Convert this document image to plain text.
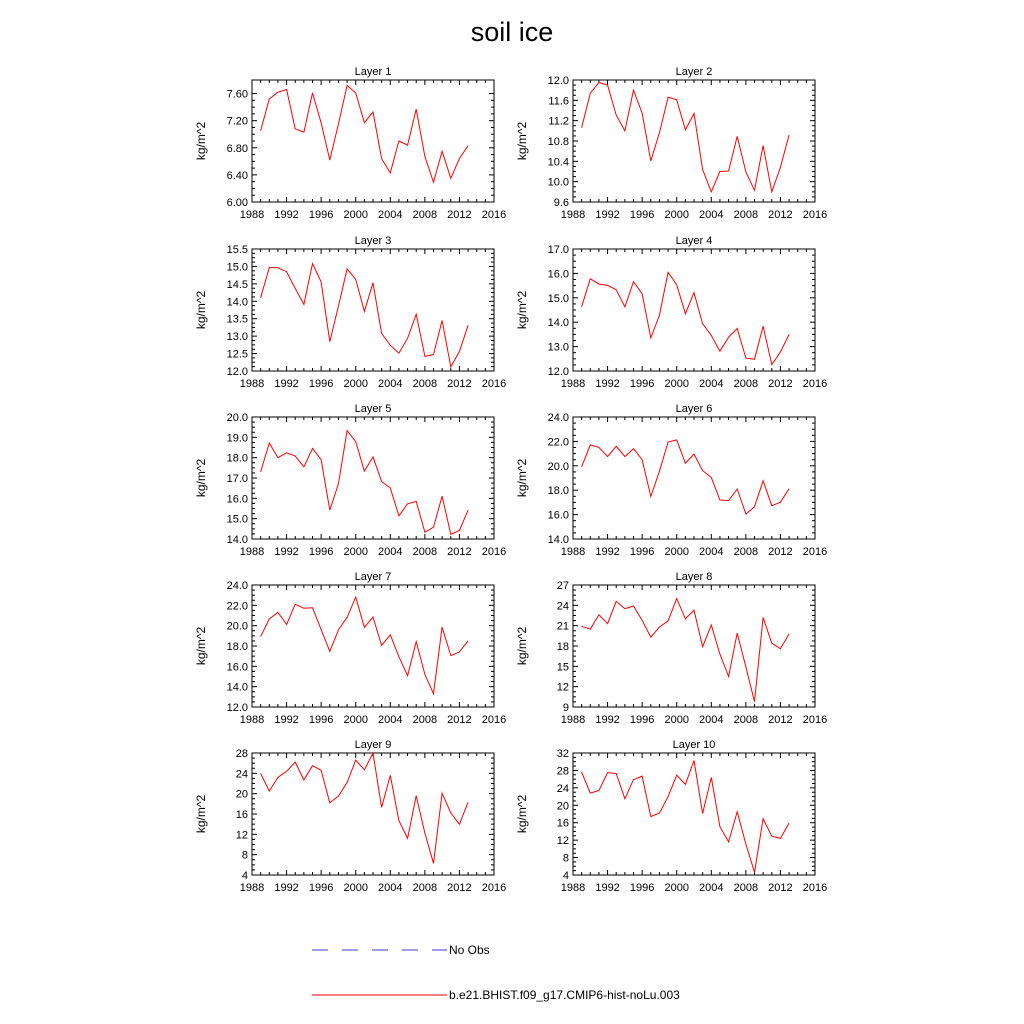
soil ice
Layer 1
kg/m^2
1988 1992 1996 2000 2004 2008 2012 2016
6.00
6.40
6.80
7.20
7.60
Layer 2
kg/m^2
1988 1992 1996 2000 2004 2008 2012 2016
9.6
10.0
10.4
10.8
11.2
11.6
12.0
Layer 3
kg/m^2
1988 1992 1996 2000 2004 2008 2012 2016
12.0
12.5
13.0
13.5
14.0
14.5
15.0
15.5
Layer 4
kg/m^2
1988 1992 1996 2000 2004 2008 2012 2016
12.0
13.0
14.0
15.0
16.0
17.0
Layer 5
kg/m^2
1988 1992 1996 2000 2004 2008 2012 2016
14.0
15.0
16.0
17.0
18.0
19.0
20.0
Layer 6
kg/m^2
1988 1992 1996 2000 2004 2008 2012 2016
14.0
16.0
18.0
20.0
22.0
24.0
Layer 7
kg/m^2
1988 1992 1996 2000 2004 2008 2012 2016
12.0
14.0
16.0
18.0
20.0
22.0
24.0
Layer 8
kg/m^2
1988 1992 1996 2000 2004 2008 2012 2016
9
12
15
18
21
24
27
Layer 9
kg/m^2
1988 1992 1996 2000 2004 2008 2012 2016
4
8
12
16
20
24
28
Layer 10
kg/m^2
1988 1992 1996 2000 2004 2008 2012 2016
4
8
12
16
20
24
28
32
No Obs
b.e21.BHIST.f09_g17.CMIP6-hist-noLu.003
